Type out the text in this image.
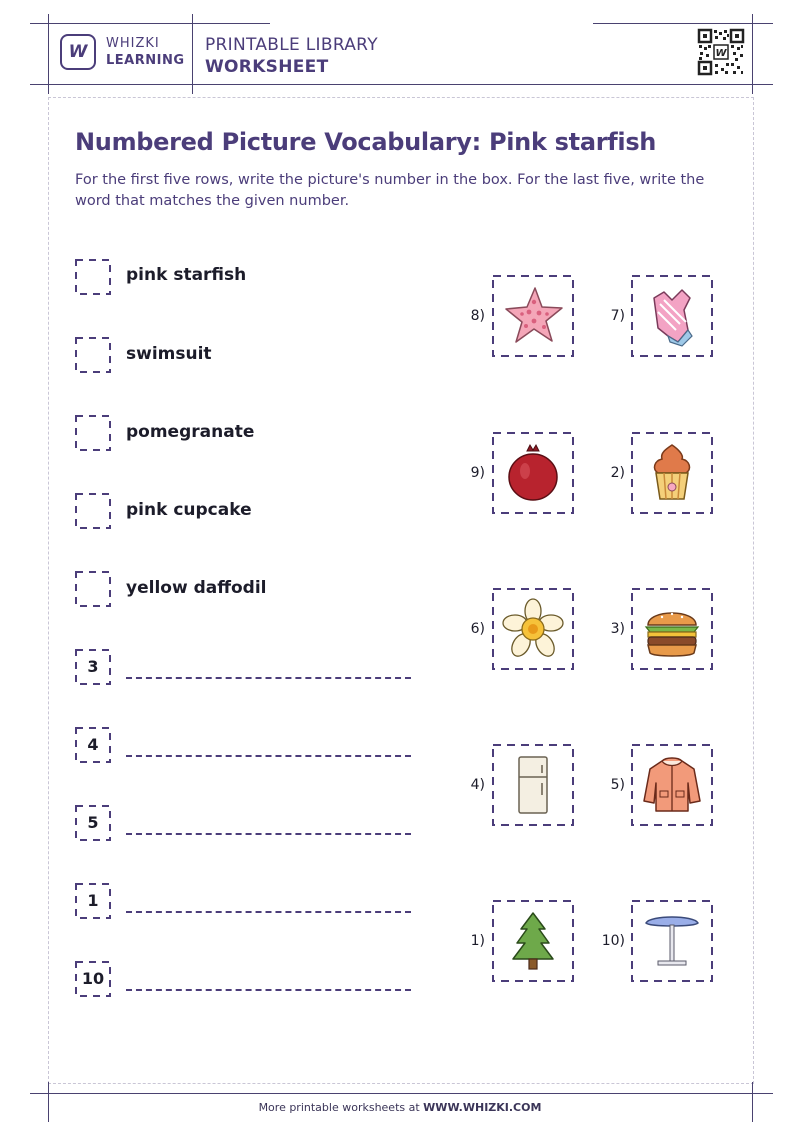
W WHIZKI
LEARNING
PRINTABLE LIBRARY
WORKSHEET
W
Numbered Picture Vocabulary: Pink starfish
For the first five rows, write the picture's number in the box. For the last five, write the word that matches the given number.
pink starfish
swimsuit
pomegranate
pink cupcake
yellow daffodil
3
4
5
1
10
8)	7)
9)	2)
6)	3)
4)	5)
1)	10)
More printable worksheets at WWW.WHIZKI.COM
